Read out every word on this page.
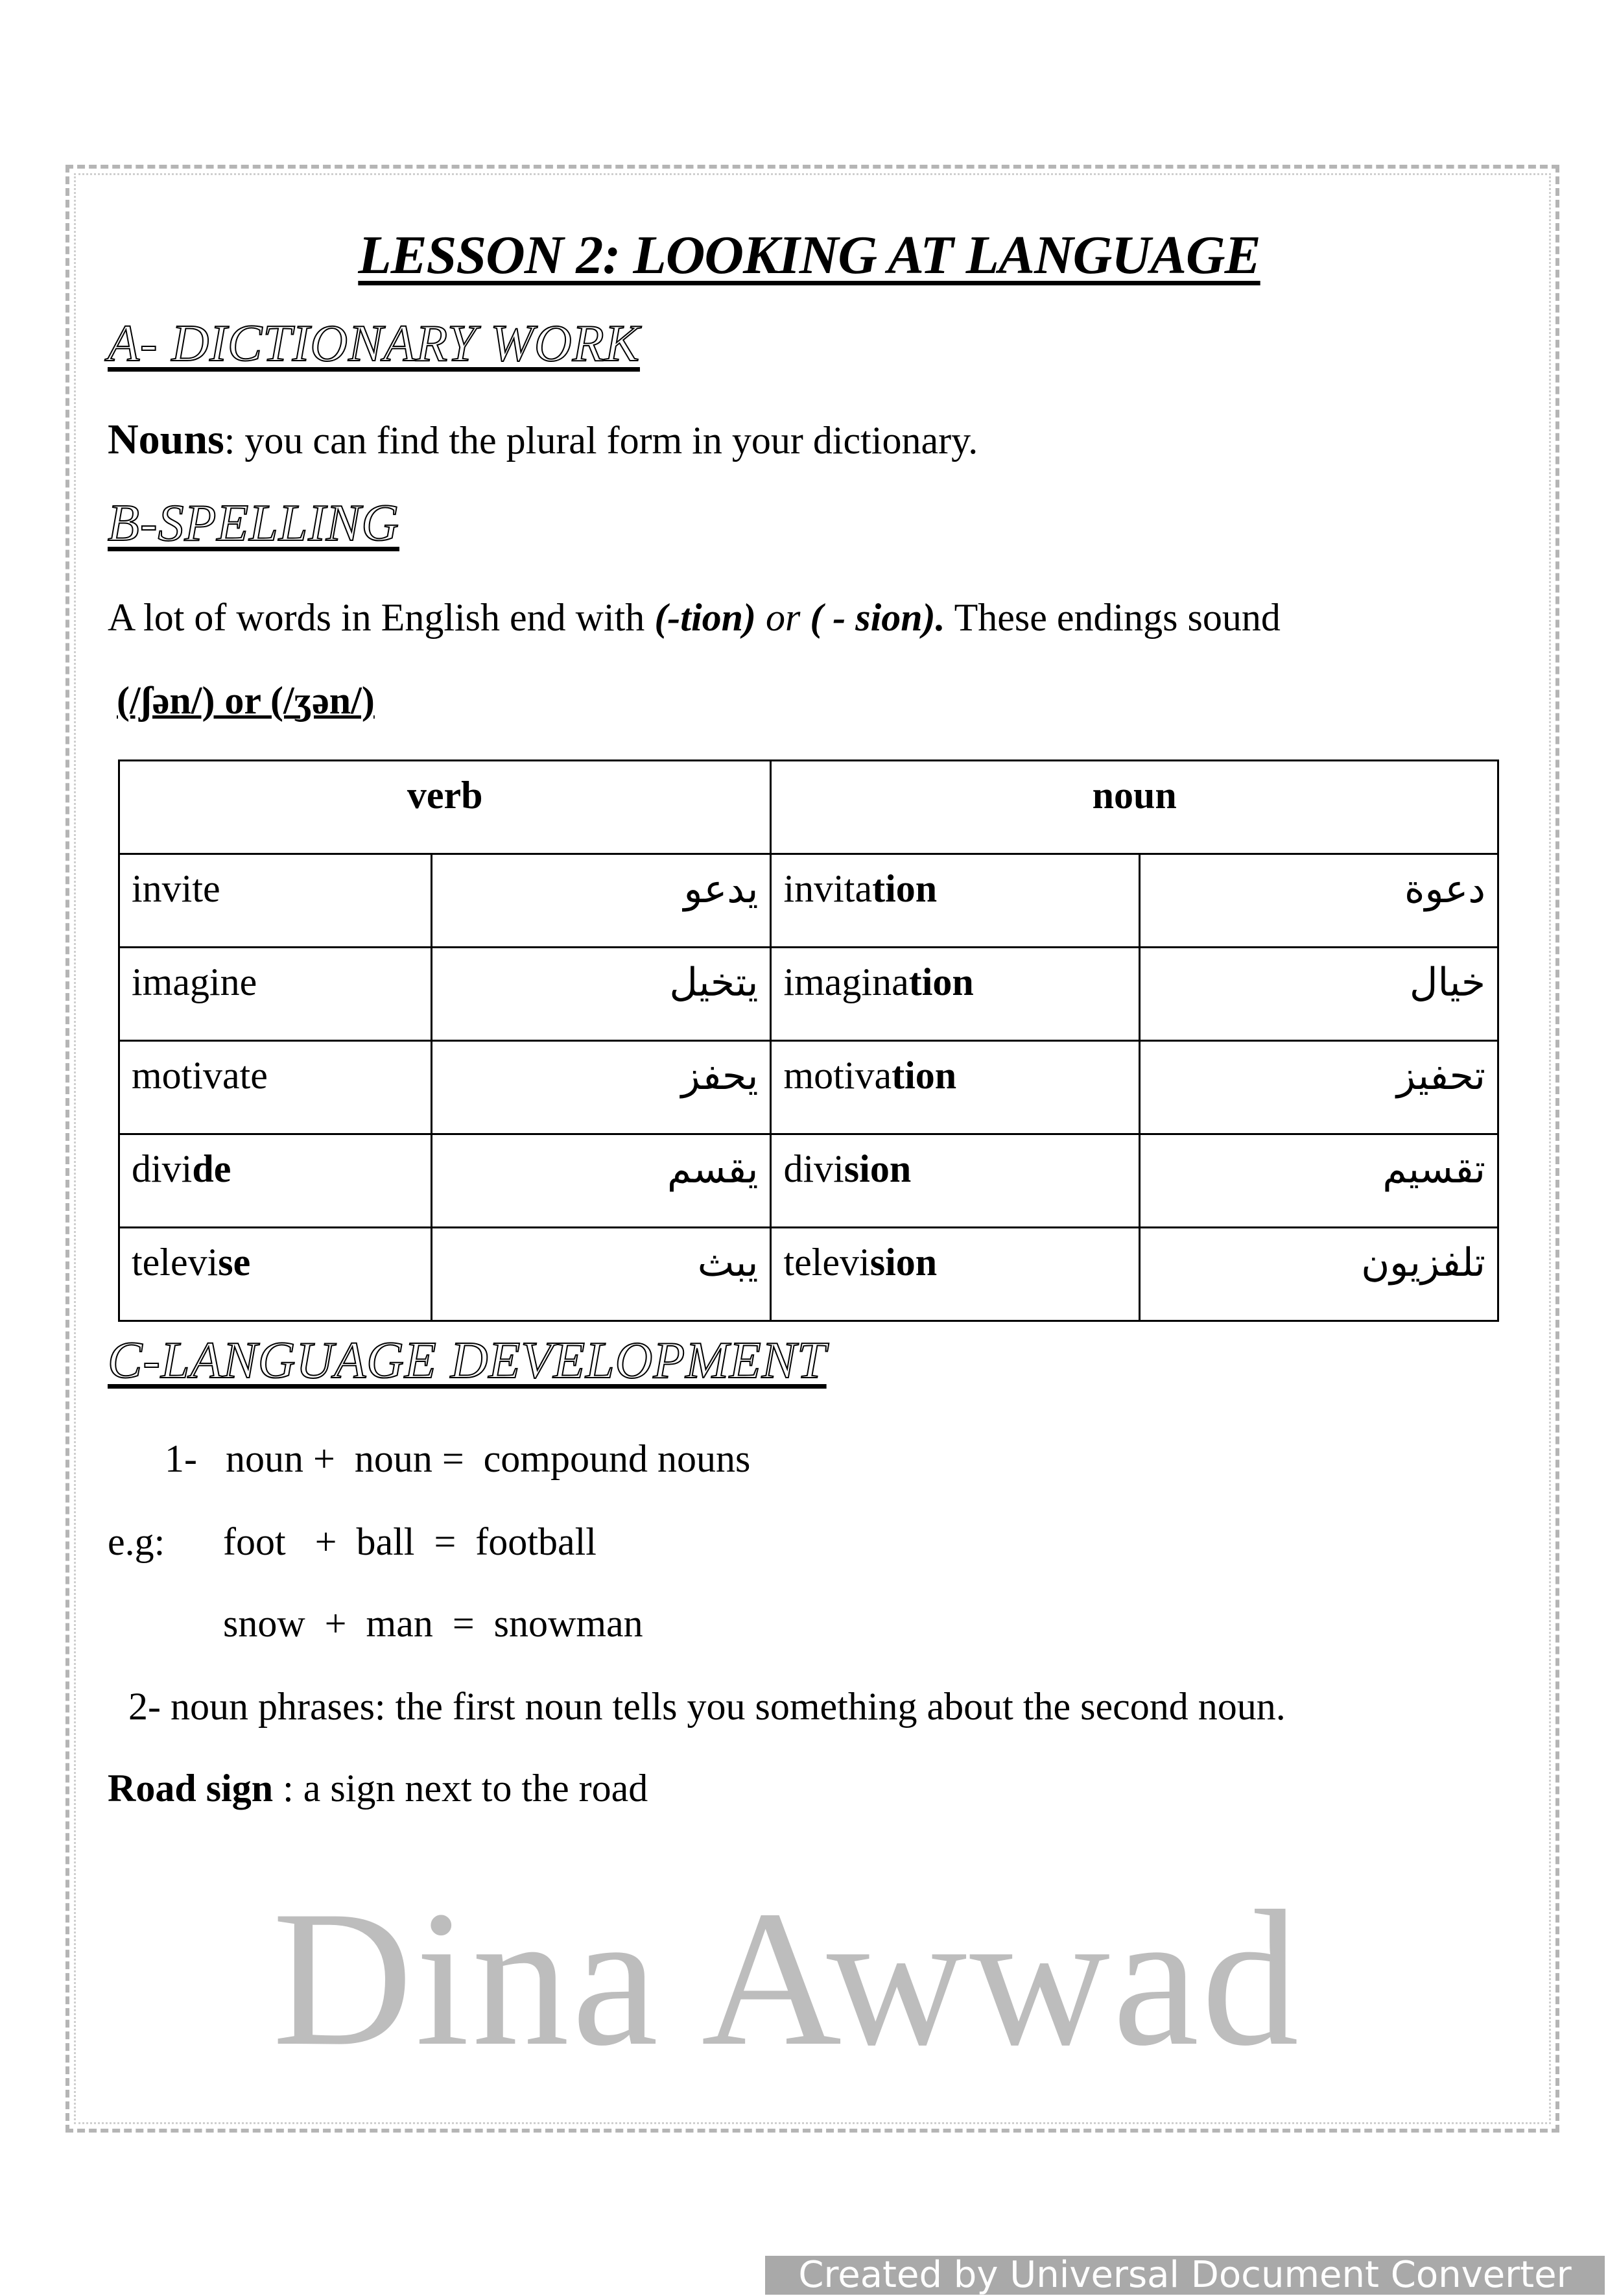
LESSON 2: LOOKING AT LANGUAGE
A- DICTIONARY WORK
Nouns: you can find the plural form in your dictionary.
B-SPELLING
A lot of words in English end with (-tion) or ( - sion). These endings sound
(/ʃən/) or (/ʒən/)
verb		noun	
invite	يدعو	invitation	دعوة
imagine	يتخيل	imagination	خيال
motivate	يحفز	motivation	تحفيز
divide	يقسم	division	تقسيم
televise	يبث	television	تلفزيون
C-LANGUAGE DEVELOPMENT
1- noun +  noun =  compound nouns
e.g: foot   +  ball  =  football
snow  +  man  =  snowman
2- noun phrases: the first noun tells you something about the second noun.
Road sign : a sign next to the road
Dina Awwad
Created by Universal Document Converter
